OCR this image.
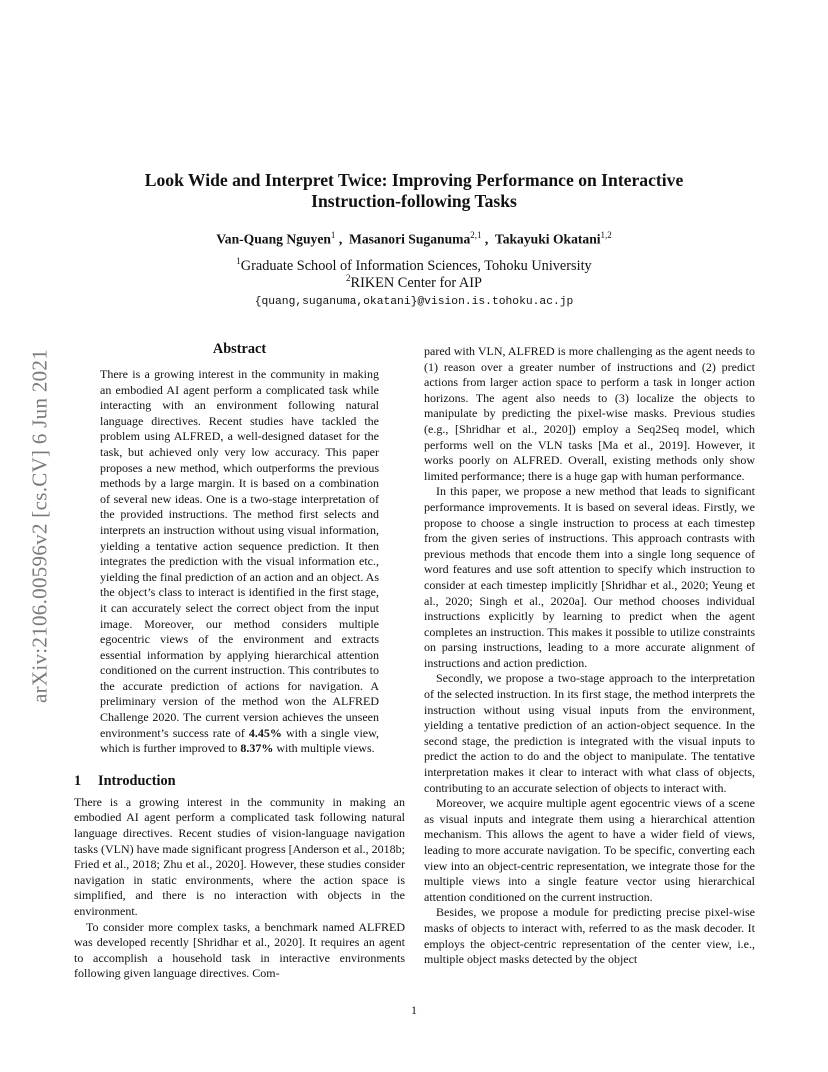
arXiv:2106.00596v2 [cs.CV] 6 Jun 2021
Look Wide and Interpret Twice: Improving Performance on Interactive
Instruction-following Tasks
Van-Quang Nguyen$^1$ ,  Masanori Suganuma$^{2,1}$ ,  Takayuki Okatani$^{1,2}$
$^1$Graduate School of Information Sciences, Tohoku University
$^2$RIKEN Center for AIP
{quang,suganuma,okatani}@vision.is.tohoku.ac.jp
Abstract

There is a growing interest in the community in making an embodied AI agent perform a complicated task while interacting with an environment following natural language directives. Recent studies have tackled the problem using ALFRED, a well-designed dataset for the task, but achieved only very low accuracy. This paper proposes a new method, which outperforms the previous methods by a large margin. It is based on a combination of several new ideas. One is a two-stage interpretation of the provided instructions. The method first selects and interprets an instruction without using visual information, yielding a tentative action sequence prediction. It then integrates the prediction with the visual information etc., yielding the final prediction of an action and an object. As the object’s class to interact is identified in the first stage, it can accurately select the correct object from the input image. Moreover, our method considers multiple egocentric views of the environment and extracts essential information by applying hierarchical attention conditioned on the current instruction. This contributes to the accurate prediction of actions for navigation. A preliminary version of the method won the ALFRED Challenge 2020. The current version achieves the unseen environment’s success rate of 4.45% with a single view, which is further improved to 8.37% with multiple views.

1 Introduction

There is a growing interest in the community in making an embodied AI agent perform a complicated task following natural language directives. Recent studies of vision-language navigation tasks (VLN) have made significant progress [Anderson et al., 2018b; Fried et al., 2018; Zhu et al., 2020]. However, these studies consider navigation in static environments, where the action space is simplified, and there is no interaction with objects in the environment.

To consider more complex tasks, a benchmark named ALFRED was developed recently [Shridhar et al., 2020]. It requires an agent to accomplish a household task in interactive environments following given language directives. Com-

pared with VLN, ALFRED is more challenging as the agent needs to (1) reason over a greater number of instructions and (2) predict actions from larger action space to perform a task in longer action horizons. The agent also needs to (3) localize the objects to manipulate by predicting the pixel-wise masks. Previous studies (e.g., [Shridhar et al., 2020]) employ a Seq2Seq model, which performs well on the VLN tasks [Ma et al., 2019]. However, it works poorly on ALFRED. Overall, existing methods only show limited performance; there is a huge gap with human performance.

In this paper, we propose a new method that leads to significant performance improvements. It is based on several ideas. Firstly, we propose to choose a single instruction to process at each timestep from the given series of instructions. This approach contrasts with previous methods that encode them into a single long sequence of word features and use soft attention to specify which instruction to consider at each timestep implicitly [Shridhar et al., 2020; Yeung et al., 2020; Singh et al., 2020a]. Our method chooses individual instructions explicitly by learning to predict when the agent completes an instruction. This makes it possible to utilize constraints on parsing instructions, leading to a more accurate alignment of instructions and action prediction.

Secondly, we propose a two-stage approach to the interpretation of the selected instruction. In its first stage, the method interprets the instruction without using visual inputs from the environment, yielding a tentative prediction of an action-object sequence. In the second stage, the prediction is integrated with the visual inputs to predict the action to do and the object to manipulate. The tentative interpretation makes it clear to interact with what class of objects, contributing to an accurate selection of objects to interact with.

Moreover, we acquire multiple agent egocentric views of a scene as visual inputs and integrate them using a hierarchical attention mechanism. This allows the agent to have a wider field of views, leading to more accurate navigation. To be specific, converting each view into an object-centric representation, we integrate those for the multiple views into a single feature vector using hierarchical attention conditioned on the current instruction.

Besides, we propose a module for predicting precise pixel-wise masks of objects to interact with, referred to as the mask decoder. It employs the object-centric representation of the center view, i.e., multiple object masks detected by the object

1
